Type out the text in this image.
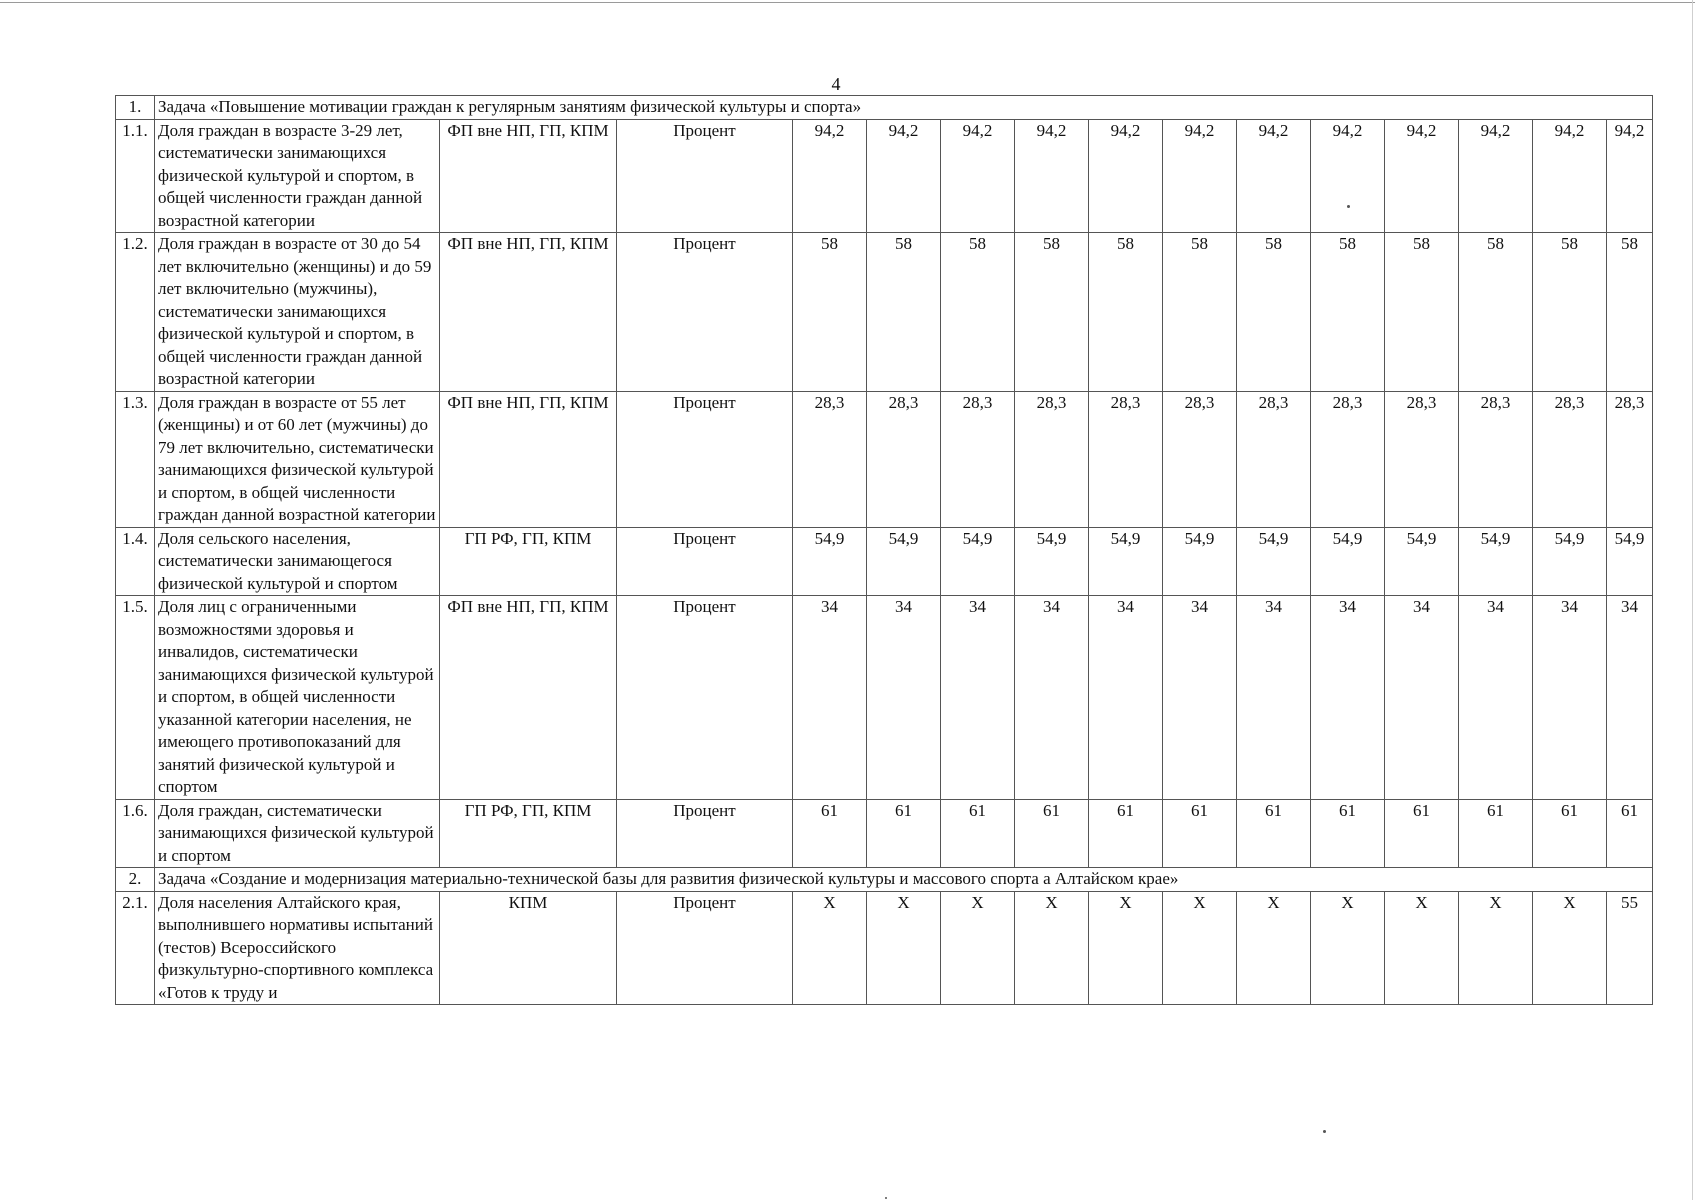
4
1.	Задача «Повышение мотивации граждан к регулярным занятиям физической культуры и спорта»														
1.1.	Доля граждан в возрасте 3-29 лет, систематически занимающихся физической культурой и спортом, в общей численности граждан данной возрастной категории	ФП вне НП, ГП, КПМ	Процент	94,2	94,2	94,2	94,2	94,2	94,2	94,2	94,2	94,2	94,2	94,2	94,2
1.2.	Доля граждан в возрасте от 30 до 54 лет включительно (женщины) и до 59 лет включительно (мужчины), систематически занимающихся физической культурой и спортом, в общей численности граждан данной возрастной категории	ФП вне НП, ГП, КПМ	Процент	58	58	58	58	58	58	58	58	58	58	58	58
1.3.	Доля граждан в возрасте от 55 лет (женщины) и от 60 лет (мужчины) до 79 лет включительно, систематически занимающихся физической культурой и спортом, в общей численности граждан данной возрастной категории	ФП вне НП, ГП, КПМ	Процент	28,3	28,3	28,3	28,3	28,3	28,3	28,3	28,3	28,3	28,3	28,3	28,3
1.4.	Доля сельского населения, систематически занимающегося физической культурой и спортом	ГП РФ, ГП, КПМ	Процент	54,9	54,9	54,9	54,9	54,9	54,9	54,9	54,9	54,9	54,9	54,9	54,9
1.5.	Доля лиц с ограниченными возможностями здоровья и инвалидов, систематически занимающихся физической культурой и спортом, в общей численности указанной категории населения, не имеющего противопоказаний для занятий физической культурой и спортом	ФП вне НП, ГП, КПМ	Процент	34	34	34	34	34	34	34	34	34	34	34	34
1.6.	Доля граждан, систематически занимающихся физической культурой и спортом	ГП РФ, ГП, КПМ	Процент	61	61	61	61	61	61	61	61	61	61	61	61
2.	Задача «Создание и модернизация материально-технической базы для развития физической культуры и массового спорта а Алтайском крае»														
2.1.	Доля населения Алтайского края, выполнившего нормативы испытаний (тестов) Всероссийского физкультурно-спортивного комплекса «Готов к труду и	КПМ	Процент	X	X	X	X	X	X	X	X	X	X	X	55
